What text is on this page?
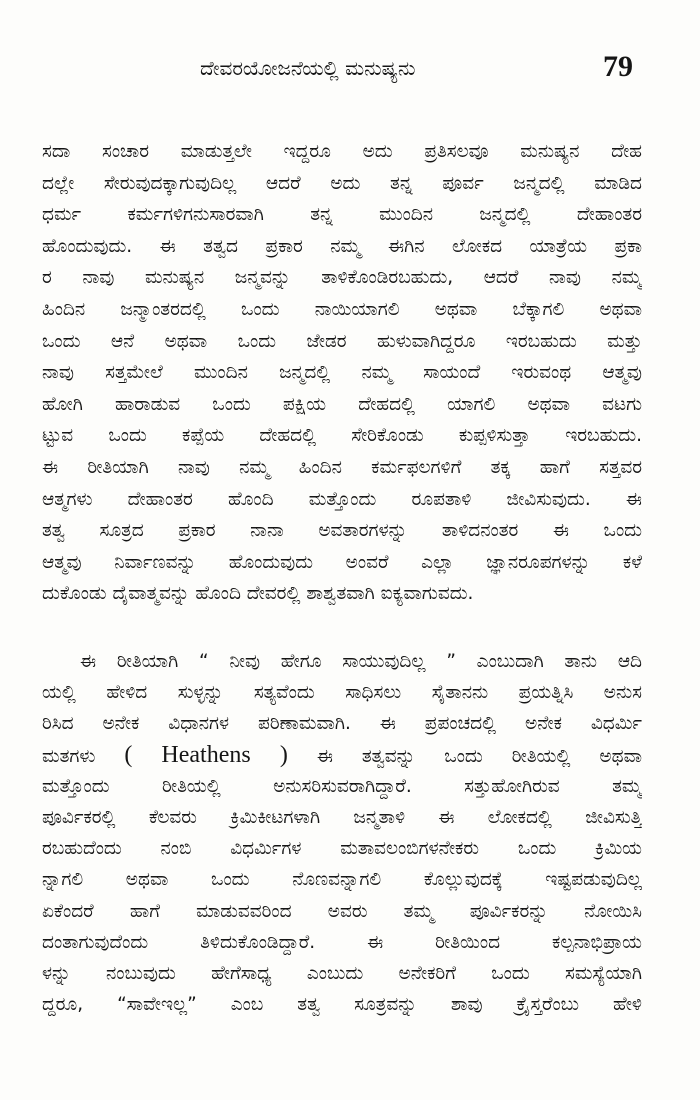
ದೇವರಯೋಜನೆಯಲ್ಲಿ ಮನುಷ್ಯನು	79
ಸದಾ ಸಂಚಾರ ಮಾಡುತ್ತಲೇ ಇದ್ದರೂ ಅದು ಪ್ರತಿಸಲವೂ ಮನುಷ್ಯನ ದೇಹ
ದಲ್ಲೇ ಸೇರುವುದಕ್ಕಾಗುವುದಿಲ್ಲ ಆದರೆ ಅದು ತನ್ನ ಪೂರ್ವ ಜನ್ಮದಲ್ಲಿ ಮಾಡಿದ
ಧರ್ಮ ಕರ್ಮಗಳಿಗನುಸಾರವಾಗಿ ತನ್ನ ಮುಂದಿನ ಜನ್ಮದಲ್ಲಿ ದೇಹಾಂತರ
ಹೊಂದುವುದು. ಈ ತತ್ವದ ಪ್ರಕಾರ ನಮ್ಮ ಈಗಿನ ಲೋಕದ ಯಾತ್ರೆಯ ಪ್ರಕಾ
ರ ನಾವು ಮನುಷ್ಯನ ಜನ್ಮವನ್ನು ತಾಳಿಕೊಂಡಿರಬಹುದು, ಆದರೆ ನಾವು ನಮ್ಮ
ಹಿಂದಿನ ಜನ್ಮಾಂತರದಲ್ಲಿ ಒಂದು ನಾಯಿಯಾಗಲಿ ಅಥವಾ ಬೆಕ್ಕಾಗಲಿ ಅಥವಾ
ಒಂದು ಆನೆ ಅಥವಾ ಒಂದು ಜೇಡರ ಹುಳುವಾಗಿದ್ದರೂ ಇರಬಹುದು ಮತ್ತು
ನಾವು ಸತ್ತಮೇಲೆ ಮುಂದಿನ ಜನ್ಮದಲ್ಲಿ ನಮ್ಮ ಸಾಯಂದೆ ಇರುವಂಥ ಆತ್ಮವು
ಹೋಗಿ ಹಾರಾಡುವ ಒಂದು ಪಕ್ಷಿಯ ದೇಹದಲ್ಲಿ ಯಾಗಲಿ ಅಥವಾ ವಟಗು
ಟ್ಟುವ ಒಂದು ಕಪ್ಪೆಯ ದೇಹದಲ್ಲಿ ಸೇರಿಕೊಂಡು ಕುಪ್ಪಳಿಸುತ್ತಾ ಇರಬಹುದು.
ಈ ರೀತಿಯಾಗಿ ನಾವು ನಮ್ಮ ಹಿಂದಿನ ಕರ್ಮಫಲಗಳಿಗೆ ತಕ್ಕ ಹಾಗೆ ಸತ್ತವರ
ಆತ್ಮಗಳು ದೇಹಾಂತರ ಹೊಂದಿ ಮತ್ತೊಂದು ರೂಪತಾಳಿ ಜೀವಿಸುವುದು. ಈ
ತತ್ವ ಸೂತ್ರದ ಪ್ರಕಾರ ನಾನಾ ಅವತಾರಗಳನ್ನು ತಾಳಿದನಂತರ ಈ ಒಂದು
ಆತ್ಮವು ನಿರ್ವಾಣವನ್ನು ಹೊಂದುವುದು ಅಂವರೆ ಎಲ್ಲಾ ಜ್ಞಾನರೂಪಗಳನ್ನು ಕಳೆ
ದುಕೊಂಡು ದೈವಾತ್ಮವನ್ನು ಹೊಂದಿ ದೇವರಲ್ಲಿ ಶಾಶ್ವತವಾಗಿ ಐಕ್ಯವಾಗುವದು.
ಈ ರೀತಿಯಾಗಿ “ ನೀವು ಹೇಗೂ ಸಾಯುವುದಿಲ್ಲ ” ಎಂಬುದಾಗಿ ತಾನು ಆದಿ
ಯಲ್ಲಿ ಹೇಳಿದ ಸುಳ್ಳನ್ನು ಸತ್ಯವೆಂದು ಸಾಧಿಸಲು ಸೈತಾನನು ಪ್ರಯತ್ನಿಸಿ ಅನುಸ
ರಿಸಿದ ಅನೇಕ ವಿಧಾನಗಳ ಪರಿಣಾಮವಾಗಿ. ಈ ಪ್ರಪಂಚದಲ್ಲಿ ಅನೇಕ ವಿಧರ್ಮಿ
ಮತಗಳು ( Heathens ) ಈ ತತ್ವವನ್ನು ಒಂದು ರೀತಿಯಲ್ಲಿ ಅಥವಾ
ಮತ್ತೊಂದು ರೀತಿಯಲ್ಲಿ ಅನುಸರಿಸುವರಾಗಿದ್ದಾರೆ. ಸತ್ತುಹೋಗಿರುವ ತಮ್ಮ
ಪೂರ್ವಿಕರಲ್ಲಿ ಕೆಲವರು ಕ್ರಿಮಿಕೀಟಗಳಾಗಿ ಜನ್ಮತಾಳಿ ಈ ಲೋಕದಲ್ಲಿ ಜೀವಿಸುತ್ತಿ
ರಬಹುದೆಂದು ನಂಬಿ ವಿಧರ್ಮಿಗಳ ಮತಾವಲಂಬಿಗಳನೇಕರು ಒಂದು ಕ್ರಿಮಿಯ
ನ್ನಾಗಲಿ ಅಥವಾ ಒಂದು ನೊಣವನ್ನಾಗಲಿ ಕೊಲ್ಲುವುದಕ್ಕೆ ಇಷ್ಟಪಡುವುದಿಲ್ಲ
ಏಕೆಂದರೆ ಹಾಗೆ ಮಾಡುವವರಿಂದ ಅವರು ತಮ್ಮ ಪೂರ್ವಿಕರನ್ನು ನೋಯಿಸಿ
ದಂತಾಗುವುದೆಂದು ತಿಳಿದುಕೊಂಡಿದ್ದಾರೆ. ಈ ರೀತಿಯಿಂದ ಕಲ್ಪನಾಭಿಪ್ರಾಯ
ಳನ್ನು ನಂಬುವುದು ಹೇಗೆಸಾಧ್ಯ ಎಂಬುದು ಅನೇಕರಿಗೆ ಒಂದು ಸಮಸ್ಯೆಯಾಗಿ
ದ್ದರೂ, “ಸಾವೇಇಲ್ಲ” ಎಂಬ ತತ್ವ ಸೂತ್ರವನ್ನು ಶಾವು ಕ್ರೈಸ್ತರೆಂಬು ಹೇಳಿ
